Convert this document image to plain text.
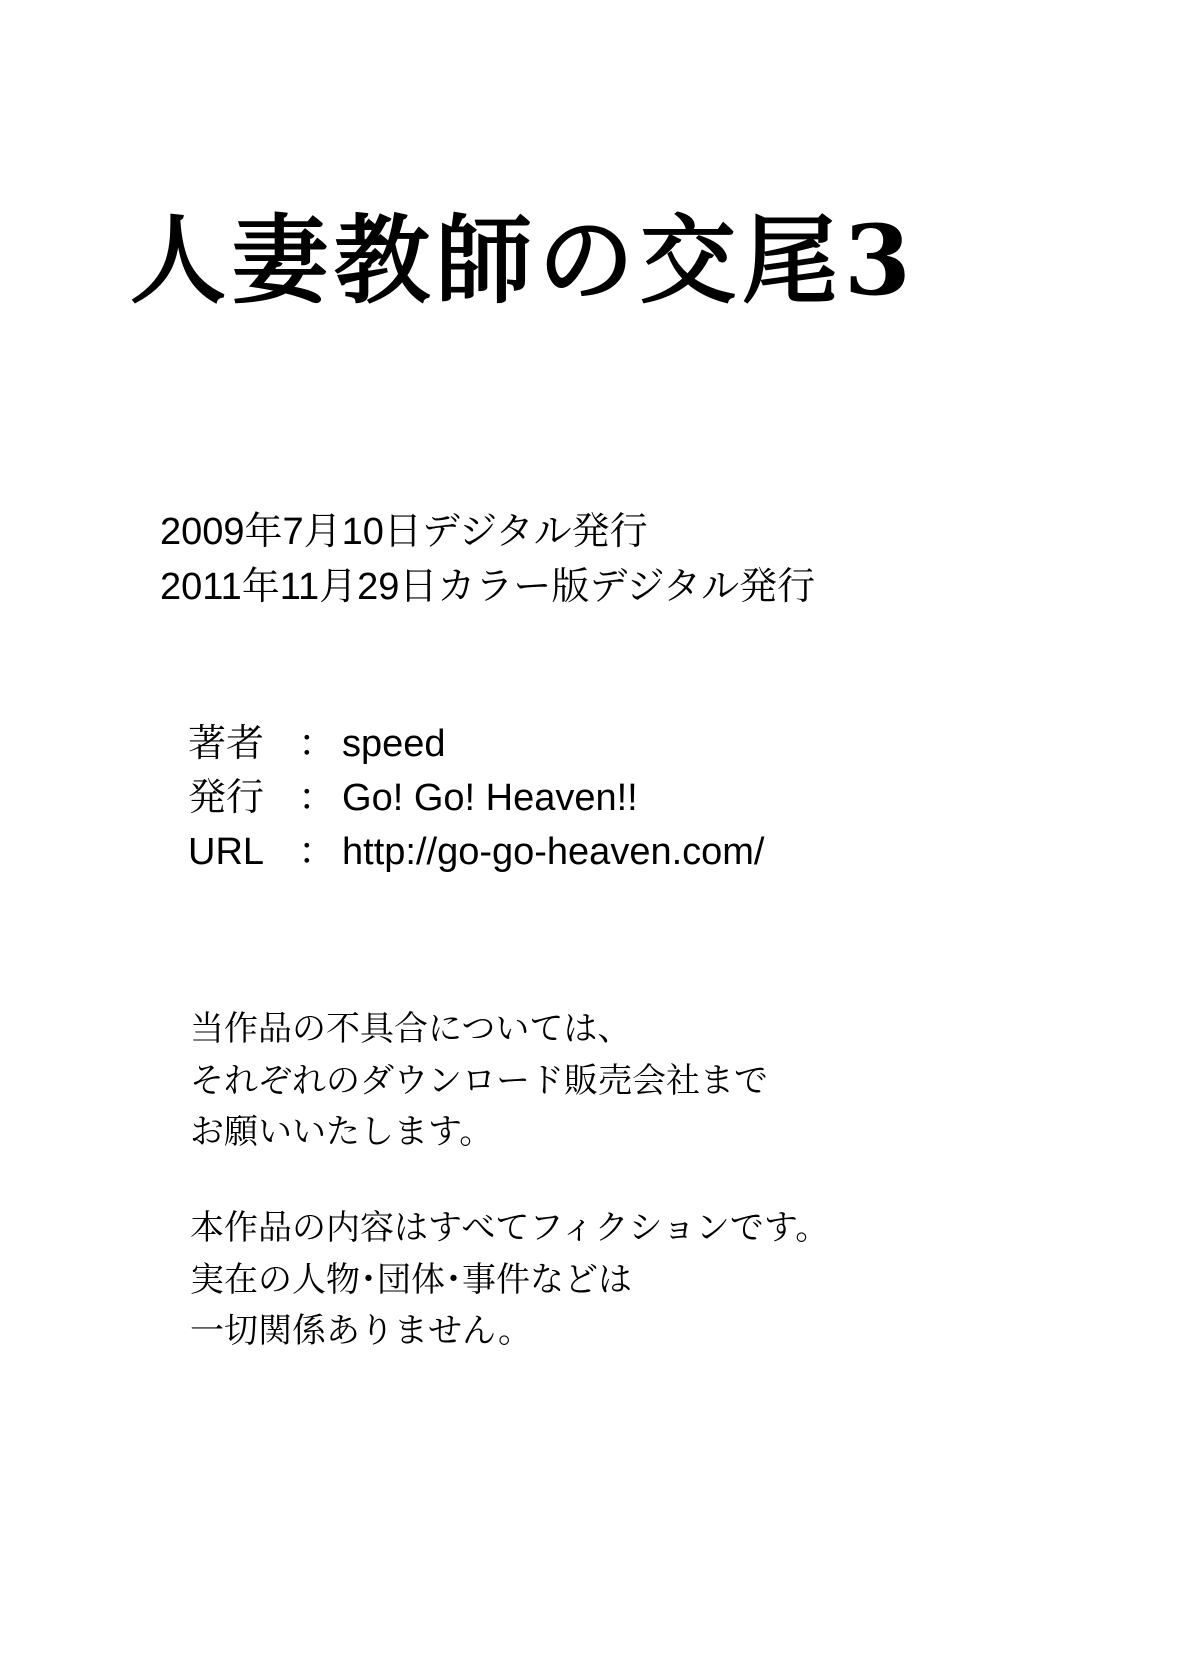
人妻教師の交尾3
2009年7月10日デジタル発行
2011年11月29日カラー版デジタル発行
著者 ： speed
発行 ： Go! Go! Heaven!!
URL ： http://go-go-heaven.com/

当作品の不具合については、
それぞれのダウンロード販売会社まで
お願いいたします。

本作品の内容はすべてフィクションです。
実在の人物･団体･事件などは
一切関係ありません。
